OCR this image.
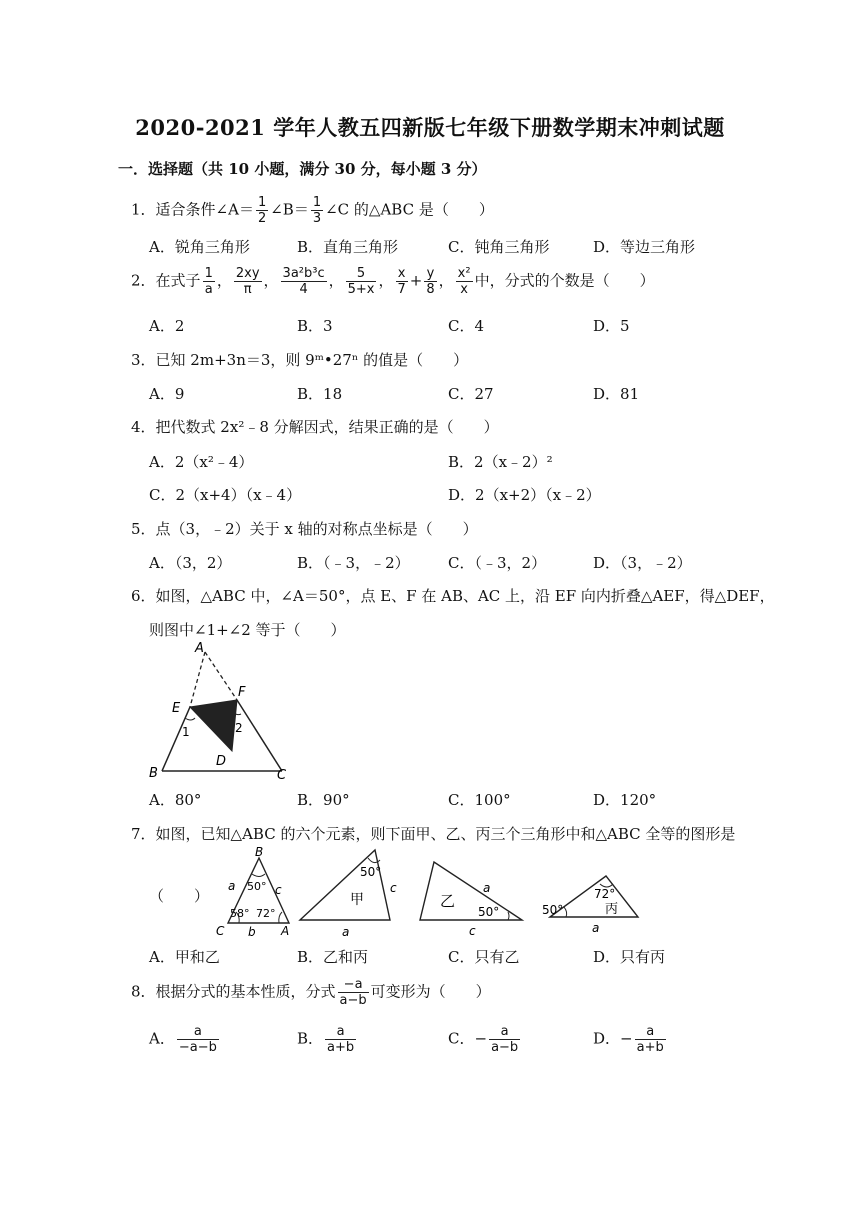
2020-2021 学年人教五四新版七年级下册数学期末冲刺试题
一．选择题（共 10 小题，满分 30 分，每小题 3 分）
1．适合条件∠A＝ $\frac{1}{2}$ ∠B＝ $\frac{1}{3}$ ∠C 的△ABC 是（　　）
A．锐角三角形	B．直角三角形	C．钝角三角形	D．等边三角形
2．在式子 $\frac{1}{a}$ ， $\frac{2xy}{\pi}$ ， $\frac{\text{3a²b³c}}{4}$ ， $\frac{5}{5+x}$ ， $\frac{x}{7} + \frac{y}{8}$ ， $\frac{\text{x²}}{x}$ 中，分式的个数是（　　）
A．2	B．3	C．4	D．5
3．已知 2m+3n＝3，则 9ᵐ•27ⁿ 的值是（　　）
A．9	B．18	C．27	D．81
4．把代数式 2x²﹣8 分解因式，结果正确的是（　　）
A．2（x²﹣4）	B．2（x﹣2）²
C．2（x+4）（x﹣4）	D．2（x+2）（x﹣2）
5．点（3，﹣2）关于 x 轴的对称点坐标是（　　）
A．（3，2）	B．（﹣3，﹣2）	C．（﹣3，2）	D．（3，﹣2）
6．如图，△ABC 中，∠A＝50°，点 E、F 在 AB、AC 上，沿 EF 向内折叠△AEF，得△DEF，
则图中∠1+∠2 等于（　　）
A
E
F
1	2
D
B	C
A．80°	B．90°	C．100°	D．120°
7．如图，已知△ABC 的六个元素，则下面甲、乙、丙三个三角形中和△ABC 全等的图形是
（　　）
B
C	A
a	c
b
50°
58° 72°
50°
甲
c
a
乙
a
50°
c
50°
72°
丙
a
A．甲和乙	B．乙和丙	C．只有乙	D．只有丙
8．根据分式的基本性质，分式 $\frac{-a}{a-b}$ 可变形为（　　）
A． $\frac{a}{-a-b}$	B． $\frac{a}{a+b}$	C．− $\frac{a}{a-b}$	D．− $\frac{a}{a+b}$
